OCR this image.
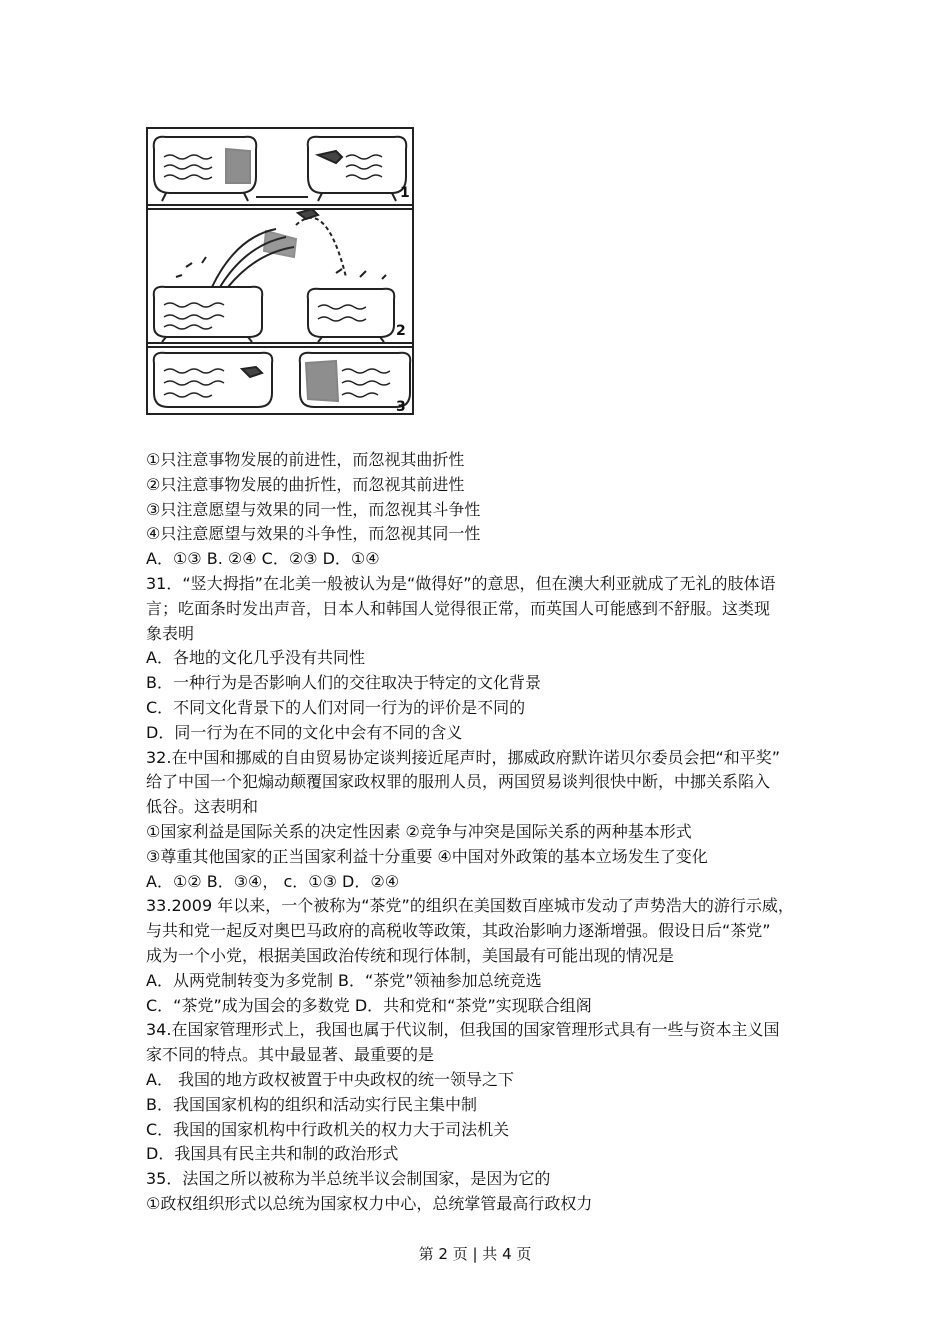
1
2
3
①只注意事物发展的前进性，而忽视其曲折性
②只注意事物发展的曲折性，而忽视其前进性
③只注意愿望与效果的同一性，而忽视其斗争性
④只注意愿望与效果的斗争性，而忽视其同一性
A．①③ B. ②④ C．②③ D．①④
31．“竖大拇指”在北美一般被认为是“做得好”的意思，但在澳大利亚就成了无礼的肢体语
言；吃面条时发出声音，日本人和韩国人觉得很正常，而英国人可能感到不舒服。这类现
象表明
A．各地的文化几乎没有共同性
B．一种行为是否影响人们的交往取决于特定的文化背景
C．不同文化背景下的人们对同一行为的评价是不同的
D．同一行为在不同的文化中会有不同的含义
32.在中国和挪威的自由贸易协定谈判接近尾声时，挪威政府默许诺贝尔委员会把“和平奖”
给了中国一个犯煽动颠覆国家政权罪的服刑人员，两国贸易谈判很快中断，中挪关系陷入
低谷。这表明和
①国家利益是国际关系的决定性因素 ②竞争与冲突是国际关系的两种基本形式
③尊重其他国家的正当国家利益十分重要 ④中国对外政策的基本立场发生了变化
A．①② B．③④， c．①③ D．②④
33.2009 年以来，一个被称为“茶党”的组织在美国数百座城市发动了声势浩大的游行示威，
与共和党一起反对奥巴马政府的高税收等政策，其政治影响力逐渐增强。假设日后“茶党”
成为一个小党，根据美国政治传统和现行体制，美国最有可能出现的情况是
A．从两党制转变为多党制 B．“茶党”领袖参加总统竞选
C．“茶党”成为国会的多数党 D．共和党和“茶党”实现联合组阁
34.在国家管理形式上，我国也属于代议制，但我国的国家管理形式具有一些与资本主义国
家不同的特点。其中最显著、最重要的是
A． 我国的地方政权被置于中央政权的统一领导之下
B．我国国家机构的组织和活动实行民主集中制
C．我国的国家机构中行政机关的权力大于司法机关
D．我国具有民主共和制的政治形式
35．法国之所以被称为半总统半议会制国家，是因为它的
①政权组织形式以总统为国家权力中心，总统掌管最高行政权力
第 2 页 | 共 4 页
